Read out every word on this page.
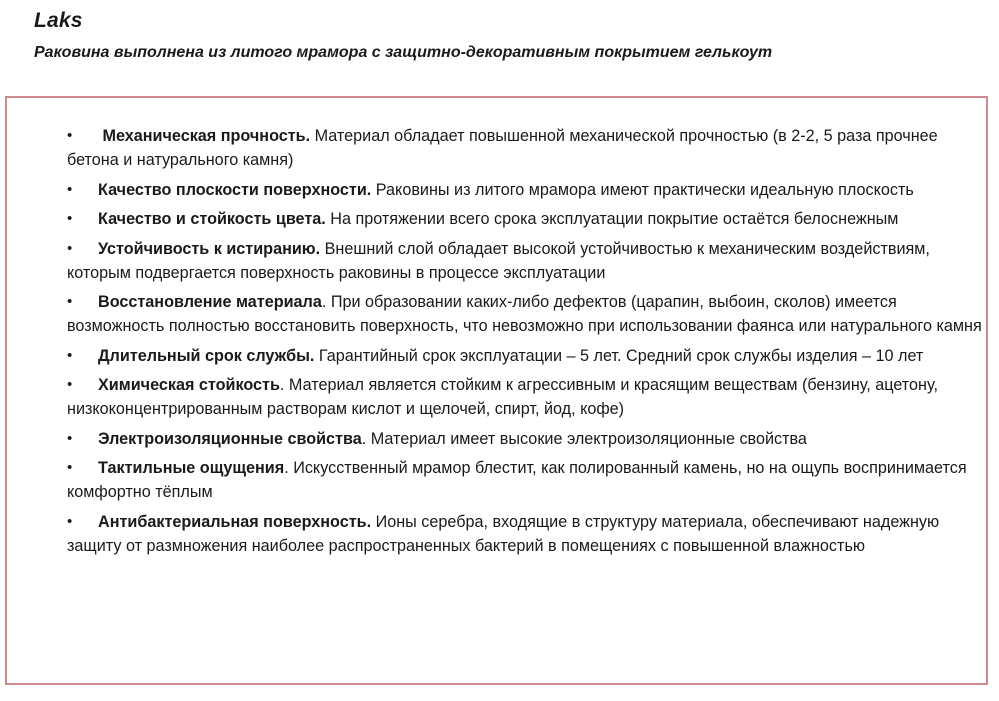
Laks
Раковина выполнена из литого мрамора с защитно-декоративным покрытием гелькоут
•	Механическая прочность. Материал обладает повышенной механической прочностью (в 2-2, 5 раза прочнее бетона и натурального камня)
•	Качество плоскости поверхности. Раковины из литого мрамора имеют практически идеальную плоскость
•	Качество и стойкость цвета. На протяжении всего срока эксплуатации покрытие остаётся белоснежным
•	Устойчивость к истиранию. Внешний слой обладает высокой устойчивостью к механическим воздействиям, которым подвергается поверхность раковины в процессе эксплуатации
•	Восстановление материала. При образовании каких-либо дефектов (царапин, выбоин, сколов) имеется возможность полностью восстановить поверхность, что невозможно при использовании фаянса или натурального камня
•	Длительный срок службы. Гарантийный срок эксплуатации – 5 лет. Средний срок службы изделия – 10 лет
•	Химическая стойкость. Материал является стойким к агрессивным и красящим веществам (бензину, ацетону, низкоконцентрированным растворам кислот и щелочей, спирт, йод, кофе)
•	Электроизоляционные свойства. Материал имеет высокие электроизоляционные свойства
•	Тактильные ощущения. Искусственный мрамор блестит, как полированный камень, но на ощупь воспринимается комфортно тёплым
•	Антибактериальная поверхность. Ионы серебра, входящие в структуру материала, обеспечивают надежную защиту от размножения наиболее распространенных бактерий в помещениях с повышенной влажностью
